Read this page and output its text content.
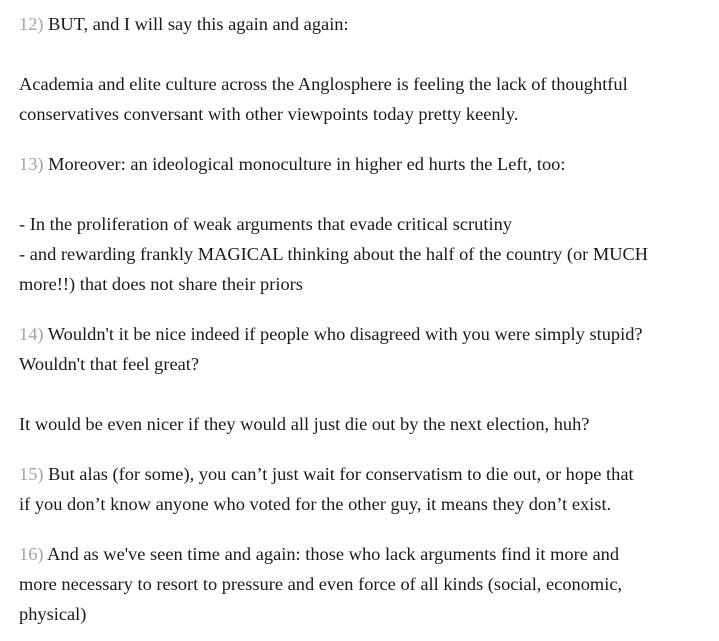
12) BUT, and I will say this again and again:
Academia and elite culture across the Anglosphere is feeling the lack of thoughtful
conservatives conversant with other viewpoints today pretty keenly.
13) Moreover: an ideological monoculture in higher ed hurts the Left, too:
- In the proliferation of weak arguments that evade critical scrutiny
- and rewarding frankly MAGICAL thinking about the half of the country (or MUCH
more!!) that does not share their priors
14) Wouldn't it be nice indeed if people who disagreed with you were simply stupid?
Wouldn't that feel great?
It would be even nicer if they would all just die out by the next election, huh?
15) But alas (for some), you can’t just wait for conservatism to die out, or hope that
if you don’t know anyone who voted for the other guy, it means they don’t exist.
16) And as we've seen time and again: those who lack arguments find it more and
more necessary to resort to pressure and even force of all kinds (social, economic,
physical)
